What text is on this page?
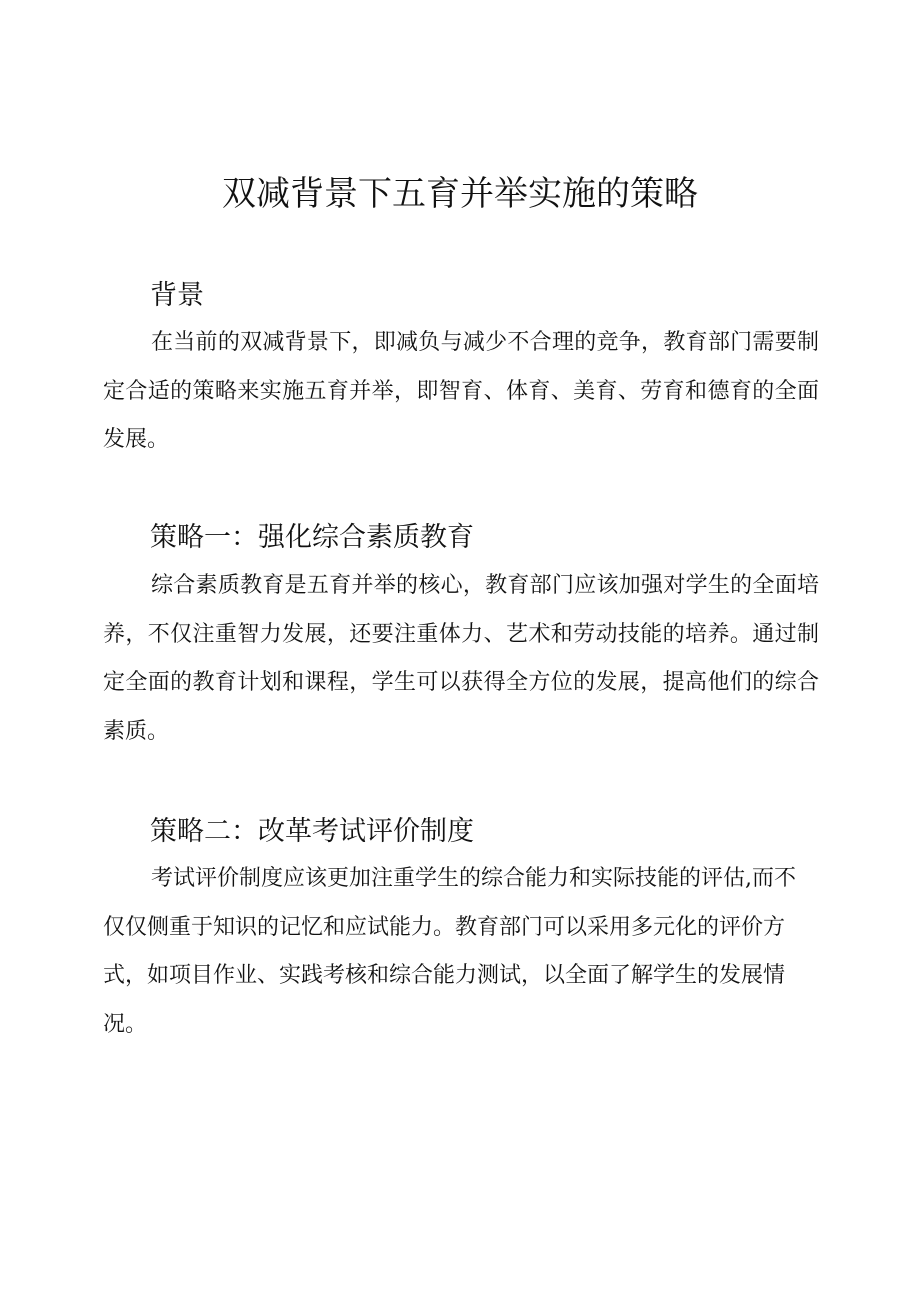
双减背景下五育并举实施的策略
背景

在当前的双减背景下，即减负与减少不合理的竞争，教育部门需要制定合适的策略来实施五育并举，即智育、体育、美育、劳育和德育的全面发展。

策略一：强化综合素质教育

综合素质教育是五育并举的核心，教育部门应该加强对学生的全面培养，不仅注重智力发展，还要注重体力、艺术和劳动技能的培养。通过制定全面的教育计划和课程，学生可以获得全方位的发展，提高他们的综合素质。

策略二：改革考试评价制度

考试评价制度应该更加注重学生的综合能力和实际技能的评估,而不仅仅侧重于知识的记忆和应试能力。教育部门可以采用多元化的评价方式，如项目作业、实践考核和综合能力测试，以全面了解学生的发展情况。
